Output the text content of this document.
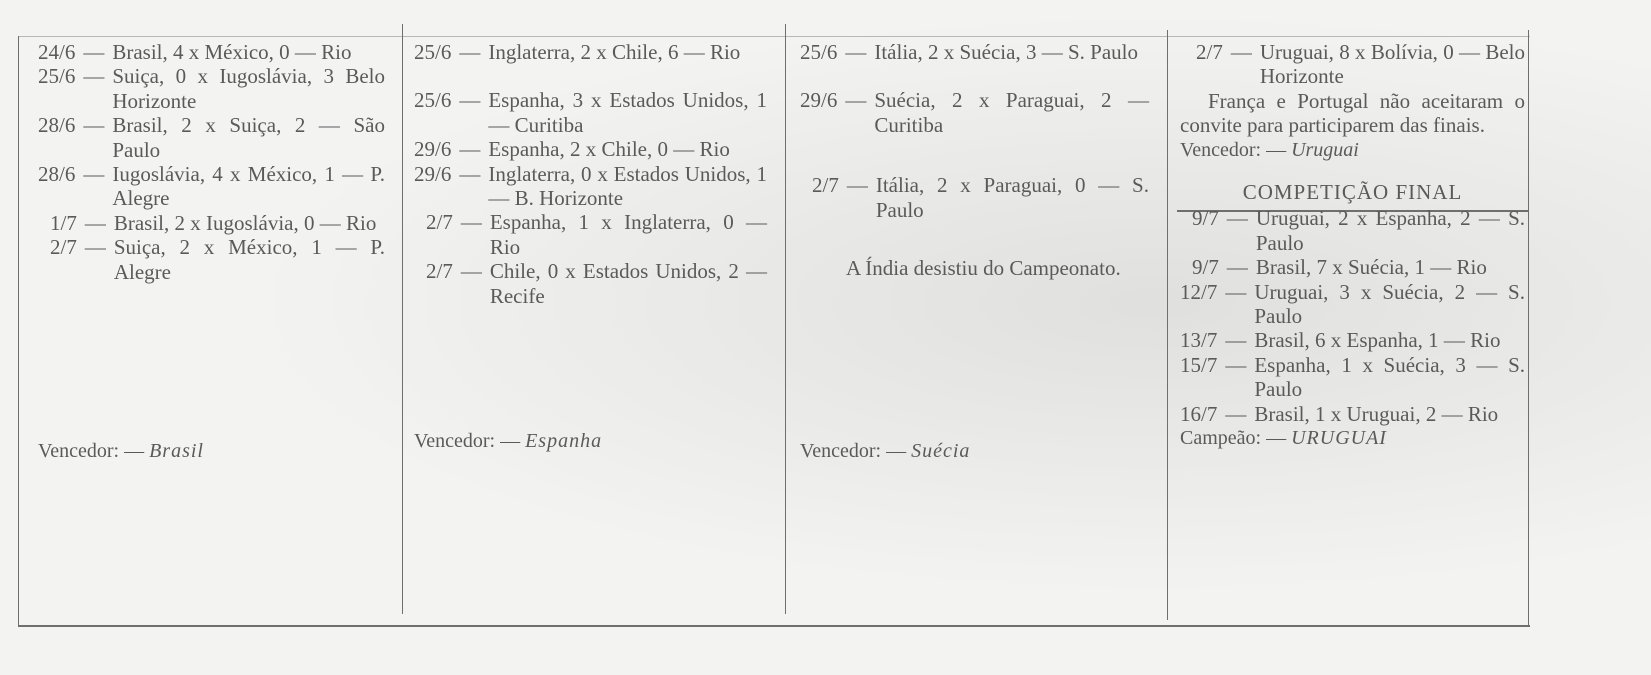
24/6 — Brasil, 4 x México, 0 — Rio
25/6 — Suiça, 0 x Iugoslávia, 3 Belo Horizonte
28/6 — Brasil, 2 x Suiça, 2 — São Paulo
28/6 — Iugoslávia, 4 x México, 1 — P. Alegre
1/7 — Brasil, 2 x Iugoslávia, 0 — Rio
2/7 — Suiça, 2 x México, 1 — P. Alegre
Vencedor: — Brasil
25/6 — Inglaterra, 2 x Chile, 6 — Rio
25/6 — Espanha, 3 x Estados Unidos, 1 — Curitiba
29/6 — Espanha, 2 x Chile, 0 — Rio
29/6 — Inglaterra, 0 x Estados Unidos, 1 — B. Horizonte
2/7 — Espanha, 1 x Inglaterra, 0 — Rio
2/7 — Chile, 0 x Estados Unidos, 2 — Recife
Vencedor: — Espanha
25/6 — Itália, 2 x Suécia, 3 — S. Paulo
29/6 — Suécia, 2 x Paraguai, 2 — Curitiba
2/7 — Itália, 2 x Paraguai, 0 — S. Paulo
A Índia desistiu do Campeonato.
Vencedor: — Suécia
2/7 — Uruguai, 8 x Bolívia, 0 — Belo Horizonte
França e Portugal não aceitaram o convite para participarem das finais.
Vencedor: — Uruguai
COMPETIÇÃO FINAL
9/7 — Uruguai, 2 x Espanha, 2 — S. Paulo
9/7 — Brasil, 7 x Suécia, 1 — Rio
12/7 — Uruguai, 3 x Suécia, 2 — S. Paulo
13/7 — Brasil, 6 x Espanha, 1 — Rio
15/7 — Espanha, 1 x Suécia, 3 — S. Paulo
16/7 — Brasil, 1 x Uruguai, 2 — Rio
Campeão: — URUGUAI
